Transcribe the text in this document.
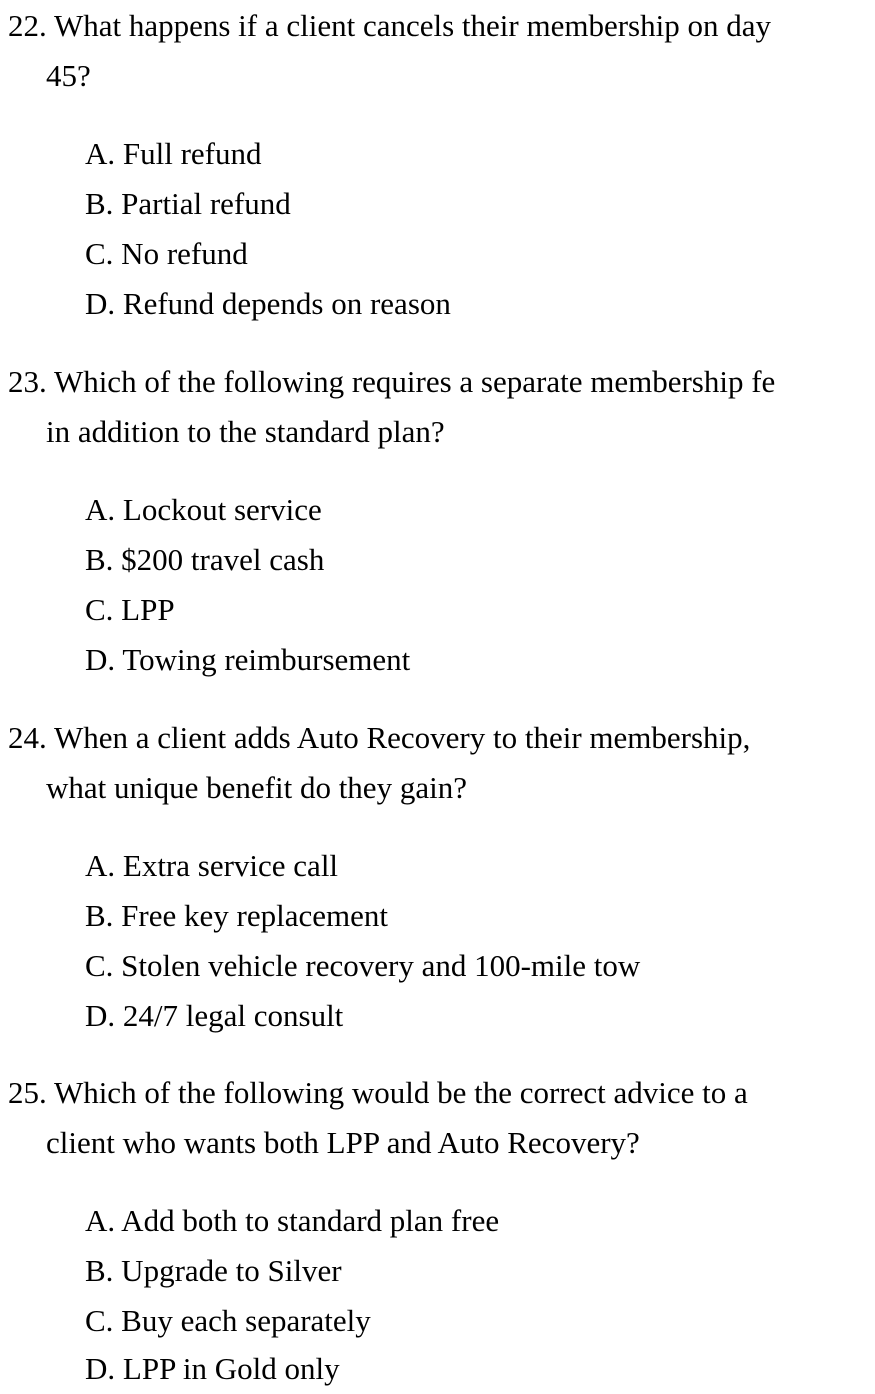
22. What happens if a client cancels their membership on day
45?
A. Full refund
B. Partial refund
C. No refund
D. Refund depends on reason
23. Which of the following requires a separate membership fe
in addition to the standard plan?
A. Lockout service
B. $200 travel cash
C. LPP
D. Towing reimbursement
24. When a client adds Auto Recovery to their membership,
what unique benefit do they gain?
A. Extra service call
B. Free key replacement
C. Stolen vehicle recovery and 100-mile tow
D. 24/7 legal consult
25. Which of the following would be the correct advice to a
client who wants both LPP and Auto Recovery?
A. Add both to standard plan free
B. Upgrade to Silver
C. Buy each separately
D. LPP in Gold only
